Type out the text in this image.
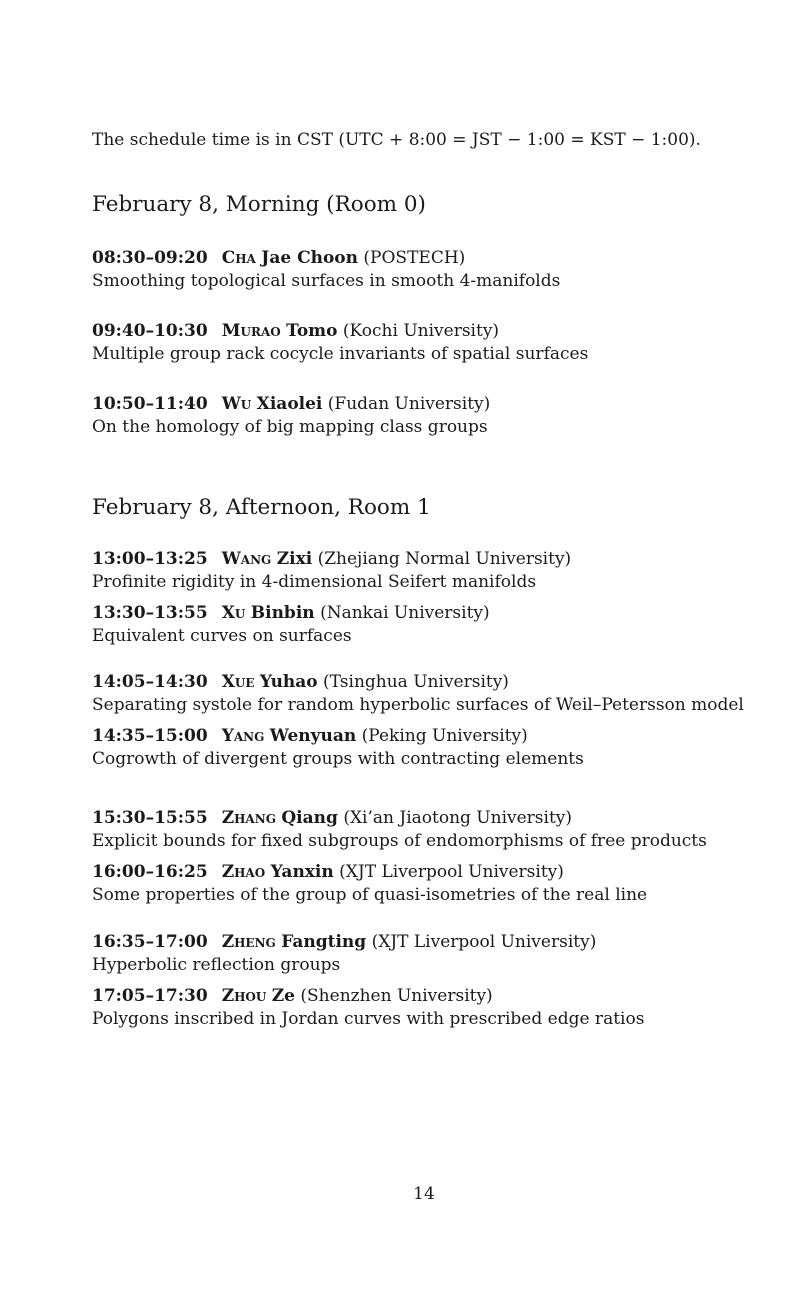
The schedule time is in CST (UTC + 8:00 = JST − 1:00 = KST − 1:00).
February 8, Morning (Room 0)
08:30–09:20 Cha Jae Choon (POSTECH)
Smoothing topological surfaces in smooth 4-manifolds
09:40–10:30 Murao Tomo (Kochi University)
Multiple group rack cocycle invariants of spatial surfaces
10:50–11:40 Wu Xiaolei (Fudan University)
On the homology of big mapping class groups
February 8, Afternoon, Room 1
13:00–13:25 Wang Zixi (Zhejiang Normal University)
Profinite rigidity in 4-dimensional Seifert manifolds
13:30–13:55 Xu Binbin (Nankai University)
Equivalent curves on surfaces
14:05–14:30 Xue Yuhao (Tsinghua University)
Separating systole for random hyperbolic surfaces of Weil–Petersson model
14:35–15:00 Yang Wenyuan (Peking University)
Cogrowth of divergent groups with contracting elements
15:30–15:55 Zhang Qiang (Xi’an Jiaotong University)
Explicit bounds for fixed subgroups of endomorphisms of free products
16:00–16:25 Zhao Yanxin (XJT Liverpool University)
Some properties of the group of quasi-isometries of the real line
16:35–17:00 Zheng Fangting (XJT Liverpool University)
Hyperbolic reflection groups
17:05–17:30 Zhou Ze (Shenzhen University)
Polygons inscribed in Jordan curves with prescribed edge ratios
14
